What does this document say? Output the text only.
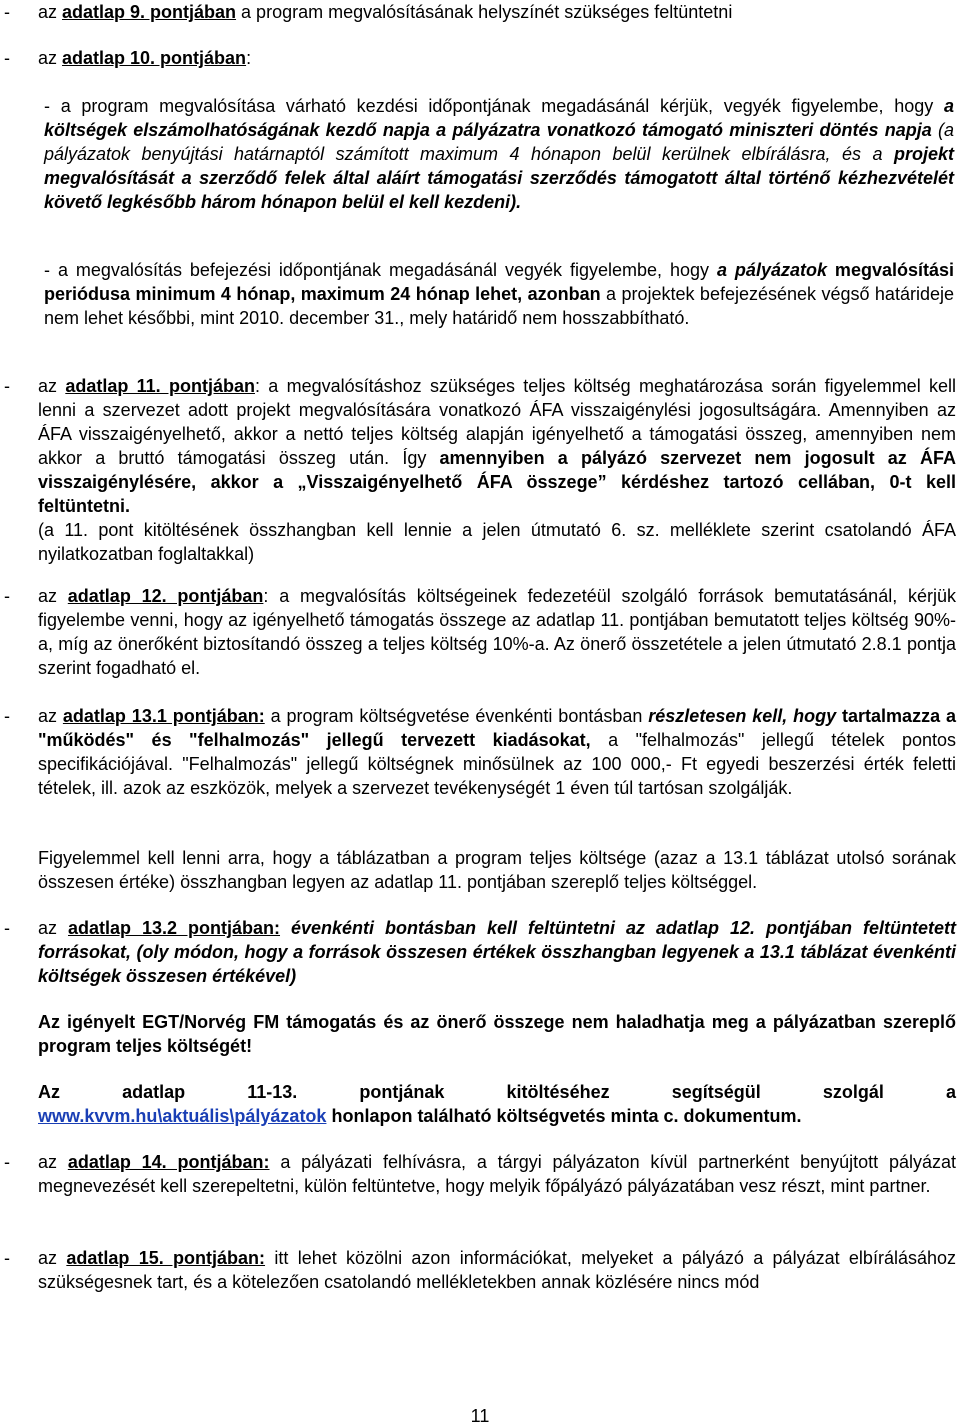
- az adatlap 9. pontjában a program megvalósításának helyszínét szükséges feltüntetni

- az adatlap 10. pontjában:

- a program megvalósítása várható kezdési időpontjának megadásánál kérjük, vegyék figyelembe, hogy a költségek elszámolhatóságának kezdő napja a pályázatra vonatkozó támogató miniszteri döntés napja (a pályázatok benyújtási határnaptól számított maximum 4 hónapon belül kerülnek elbírálásra, és a projekt megvalósítását a szerződő felek által aláírt támogatási szerződés támogatott által történő kézhezvételét követő legkésőbb három hónapon belül el kell kezdeni).

- a megvalósítás befejezési időpontjának megadásánál vegyék figyelembe, hogy a pályázatok megvalósítási periódusa minimum 4 hónap, maximum 24 hónap lehet, azonban a projektek befejezésének végső határideje nem lehet későbbi, mint 2010. december 31., mely határidő nem hosszabbítható.

- az adatlap 11. pontjában: a megvalósításhoz szükséges teljes költség meghatározása során figyelemmel kell lenni a szervezet adott projekt megvalósítására vonatkozó ÁFA visszaigénylési jogosultságára. Amennyiben az ÁFA visszaigényelhető, akkor a nettó teljes költség alapján igényelhető a támogatási összeg, amennyiben nem akkor a bruttó támogatási összeg után. Így amennyiben a pályázó szervezet nem jogosult az ÁFA visszaigénylésére, akkor a „Visszaigényelhető ÁFA összege” kérdéshez tartozó cellában, 0-t kell feltüntetni.

(a 11. pont kitöltésének összhangban kell lennie a jelen útmutató 6. sz. melléklete szerint csatolandó ÁFA nyilatkozatban foglaltakkal)

- az adatlap 12. pontjában: a megvalósítás költségeinek fedezetéül szolgáló források bemutatásánál, kérjük figyelembe venni, hogy az igényelhető támogatás összege az adatlap 11. pontjában bemutatott teljes költség 90%-a, míg az önerőként biztosítandó összeg a teljes költség 10%-a. Az önerő összetétele a jelen útmutató 2.8.1 pontja szerint fogadható el.

- az adatlap 13.1 pontjában: a program költségvetése évenkénti bontásban részletesen kell, hogy tartalmazza a "működés" és "felhalmozás" jellegű tervezett kiadásokat, a "felhalmozás" jellegű tételek pontos specifikációjával. "Felhalmozás" jellegű költségnek minősülnek az 100 000,- Ft egyedi beszerzési érték feletti tételek, ill. azok az eszközök, melyek a szervezet tevékenységét 1 éven túl tartósan szolgálják.

Figyelemmel kell lenni arra, hogy a táblázatban a program teljes költsége (azaz a 13.1 táblázat utolsó sorának összesen értéke) összhangban legyen az adatlap 11. pontjában szereplő teljes költséggel.

- az adatlap 13.2 pontjában: évenkénti bontásban kell feltüntetni az adatlap 12. pontjában feltüntetett forrásokat, (oly módon, hogy a források összesen értékek összhangban legyenek a 13.1 táblázat évenkénti költségek összesen értékével)

Az igényelt EGT/Norvég FM támogatás és az önerő összege nem haladhatja meg a pályázatban szereplő program teljes költségét!

Az adatlap 11-13. pontjának kitöltéséhez segítségül szolgál a

www.kvvm.hu\aktuális\pályázatok honlapon található költségvetés minta c. dokumentum.

- az adatlap 14. pontjában: a pályázati felhívásra, a tárgyi pályázaton kívül partnerként benyújtott pályázat megnevezését kell szerepeltetni, külön feltüntetve, hogy melyik főpályázó pályázatában vesz részt, mint partner.

- az adatlap 15. pontjában: itt lehet közölni azon információkat, melyeket a pályázó a pályázat elbírálásához szükségesnek tart, és a kötelezően csatolandó mellékletekben annak közlésére nincs mód

11
